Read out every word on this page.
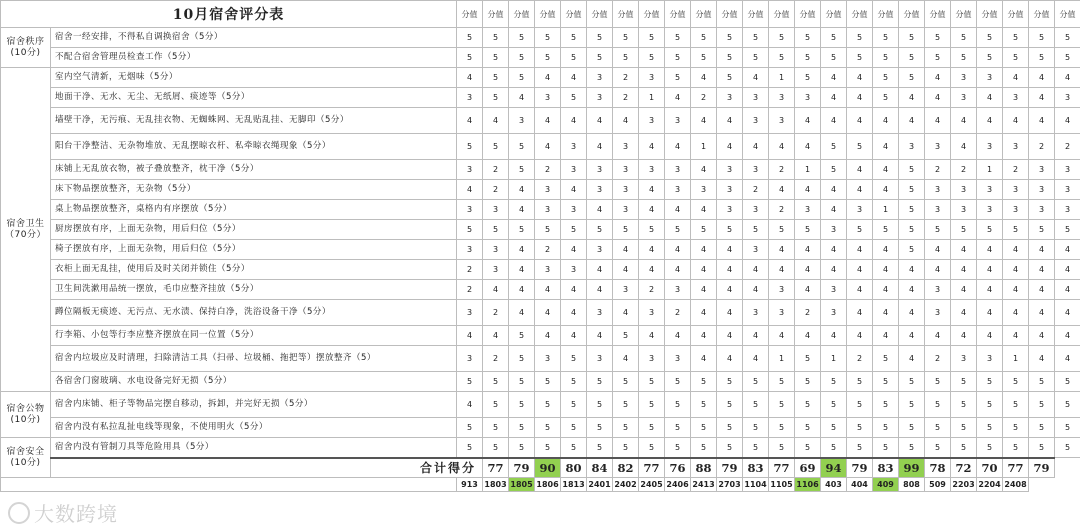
10月宿舍评分表		分值	分值	分值	分值	分值	分值	分值	分值	分值	分值	分值	分值	分值	分值	分值	分值	分值	分值	分值	分值	分值	分值	分值	分值
宿舍秩序
(10分)	宿舍一经安排，不得私自调换宿舍（5分）	5	5	5	5	5	5	5	5	5	5	5	5	5	5	5	5	5	5	5	5	5	5	5	5
	不配合宿舍管理员检查工作（5分）	5	5	5	5	5	5	5	5	5	5	5	5	5	5	5	5	5	5	5	5	5	5	5	5
宿舍卫生（70分）	室内空气清新，无烟味（5分）	4	5	5	4	4	3	2	3	5	4	5	4	1	5	4	4	5	5	4	3	3	4	4	4
	地面干净、无水、无尘、无纸屑、痰迹等（5分）	3	5	4	3	5	3	2	1	4	2	3	3	3	3	4	4	5	4	4	3	4	3	4	3
	墙壁干净，无污痕、无乱挂衣物、无蜘蛛网、无乱贴乱挂、无脚印（5分）	4	4	3	4	4	4	4	3	3	4	4	3	3	4	4	4	4	4	4	4	4	4	4	4
	阳台干净整洁、无杂物堆放、无乱摆晾衣杆、私牵晾衣绳现象（5分）	5	5	5	4	3	4	3	4	4	1	4	4	4	4	5	5	4	3	3	4	3	3	2	2
	床铺上无乱放衣物，被子叠放整齐，枕干净（5分）	3	2	5	2	3	3	3	3	3	4	3	3	2	1	5	4	4	5	2	2	1	2	3	3
	床下物品摆放整齐，无杂物（5分）	4	2	4	3	4	3	3	4	3	3	3	2	4	4	4	4	4	5	3	3	3	3	3	3
	桌上物品摆放整齐，桌格内有序摆放（5分）	3	3	4	3	3	4	3	4	4	4	3	3	2	3	4	3	1	5	3	3	3	3	3	3
	厨房摆放有序，上面无杂物，用后归位（5分）	5	5	5	5	5	5	5	5	5	5	5	5	5	5	3	5	5	5	5	5	5	5	5	5
	椅子摆放有序，上面无杂物，用后归位（5分）	3	3	4	2	4	3	4	4	4	4	4	3	4	4	4	4	4	5	4	4	4	4	4	4
	衣柜上面无乱挂，使用后及时关闭并锁住（5分）	2	3	4	3	3	4	4	4	4	4	4	4	4	4	4	4	4	4	4	4	4	4	4	4
	卫生间洗漱用品统一摆放，毛巾应整齐挂放（5分）	2	4	4	4	4	4	3	2	3	4	4	4	3	4	3	4	4	4	3	4	4	4	4	4
	蹲位隔板无痰迹、无污点、无水渍、保持白净，洗浴设备干净（5分）	3	2	4	4	4	3	4	3	2	4	4	3	3	2	3	4	4	4	3	4	4	4	4	4
	行李箱、小包等行李应整齐摆放在同一位置（5分）	4	4	5	4	4	4	5	4	4	4	4	4	4	4	4	4	4	4	4	4	4	4	4	4
	宿舍内垃圾应及时清理，扫除清洁工具（扫帚、垃圾桶、拖把等）摆放整齐（5）	3	2	5	3	5	3	4	3	3	4	4	4	1	5	1	2	5	4	2	3	3	1	4	4
	各宿舍门窗玻璃、水电设备完好无损（5分）	5	5	5	5	5	5	5	5	5	5	5	5	5	5	5	5	5	5	5	5	5	5	5	5
宿舍公物
(10分)	宿舍内床铺、柜子等物品完摆自移动，拆卸，并完好无损（5分）	4	5	5	5	5	5	5	5	5	5	5	5	5	5	5	5	5	5	5	5	5	5	5	5
	宿舍内没有私拉乱扯电线等现象，不使用明火（5分）	5	5	5	5	5	5	5	5	5	5	5	5	5	5	5	5	5	5	5	5	5	5	5	5
宿舍安全
(10分)	宿舍内没有管制刀具等危险用具（5分）	5	5	5	5	5	5	5	5	5	5	5	5	5	5	5	5	5	5	5	5	5	5	5	5
	合计得分		77	79	90	80	84	82	77	76	88	79	83	77	69	94	79	83	99	78	72	70	77	79	
		913	1803	1805	1806	1813	2401	2402	2405	2406	2413	2703	1104	1105	1106	403	404	409	808	509	2203	2204	2408		
大数跨境
